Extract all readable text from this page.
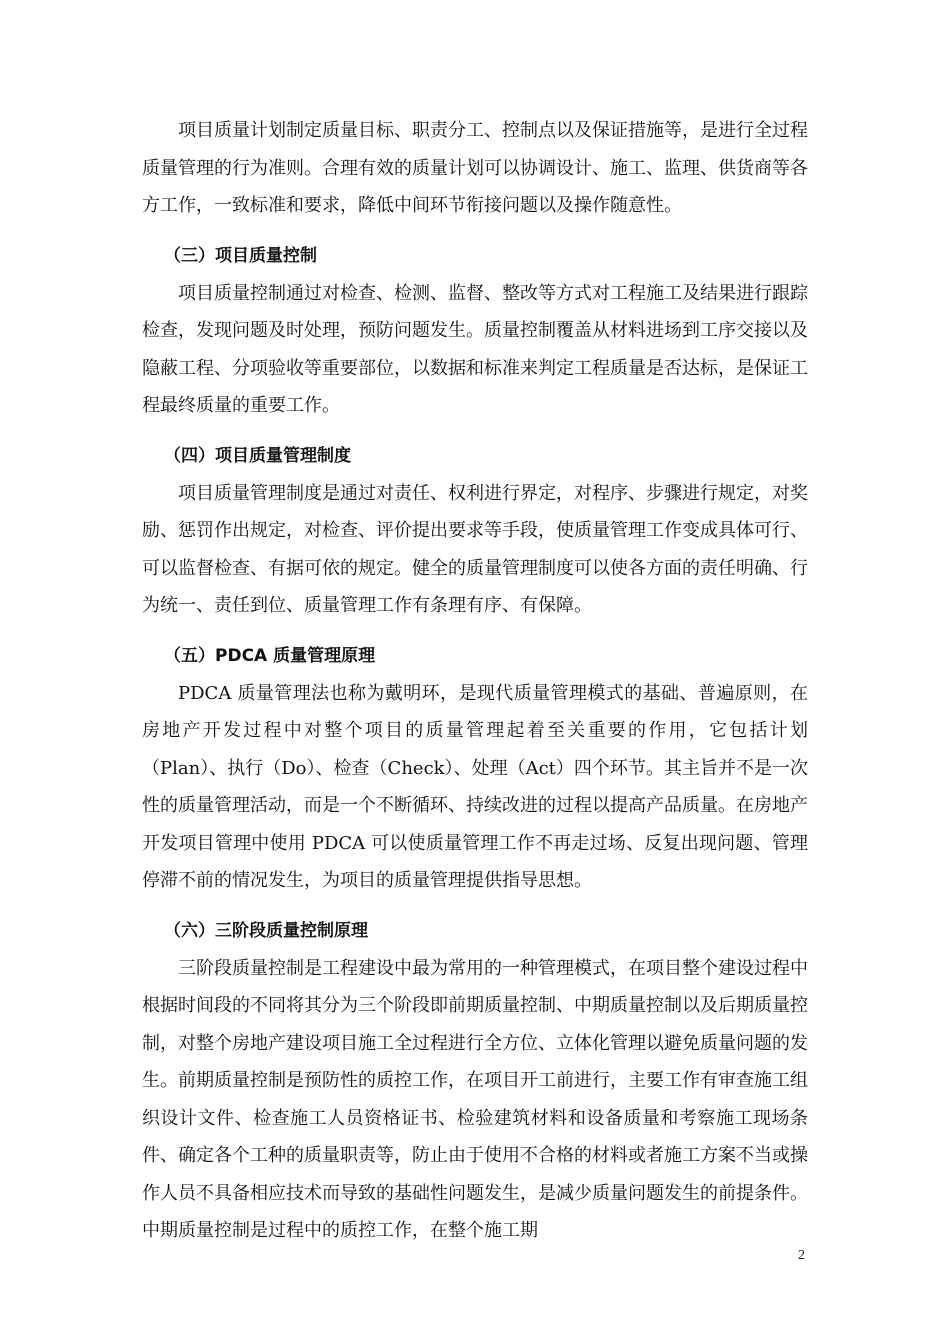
项目质量计划制定质量目标、职责分工、控制点以及保证措施等，是进行全过程质量管理的行为准则。合理有效的质量计划可以协调设计、施工、监理、供货商等各方工作，一致标准和要求，降低中间环节衔接问题以及操作随意性。

（三）项目质量控制

项目质量控制通过对检查、检测、监督、整改等方式对工程施工及结果进行跟踪检查，发现问题及时处理，预防问题发生。质量控制覆盖从材料进场到工序交接以及隐蔽工程、分项验收等重要部位，以数据和标准来判定工程质量是否达标，是保证工程最终质量的重要工作。

（四）项目质量管理制度

项目质量管理制度是通过对责任、权利进行界定，对程序、步骤进行规定，对奖励、惩罚作出规定，对检查、评价提出要求等手段，使质量管理工作变成具体可行、可以监督检查、有据可依的规定。健全的质量管理制度可以使各方面的责任明确、行为统一、责任到位、质量管理工作有条理有序、有保障。

（五）PDCA 质量管理原理

PDCA 质量管理法也称为戴明环，是现代质量管理模式的基础、普遍原则，在房地产开发过程中对整个项目的质量管理起着至关重要的作用，它包括计划（Plan）、执行（Do）、检查（Check）、处理（Act）四个环节。其主旨并不是一次性的质量管理活动，而是一个不断循环、持续改进的过程以提高产品质量。在房地产开发项目管理中使用 PDCA 可以使质量管理工作不再走过场、反复出现问题、管理停滞不前的情况发生，为项目的质量管理提供指导思想。

（六）三阶段质量控制原理

三阶段质量控制是工程建设中最为常用的一种管理模式，在项目整个建设过程中根据时间段的不同将其分为三个阶段即前期质量控制、中期质量控制以及后期质量控制，对整个房地产建设项目施工全过程进行全方位、立体化管理以避免质量问题的发生。前期质量控制是预防性的质控工作，在项目开工前进行，主要工作有审查施工组织设计文件、检查施工人员资格证书、检验建筑材料和设备质量和考察施工现场条件、确定各个工种的质量职责等，防止由于使用不合格的材料或者施工方案不当或操作人员不具备相应技术而导致的基础性问题发生，是减少质量问题发生的前提条件。中期质量控制是过程中的质控工作，在整个施工期

2
